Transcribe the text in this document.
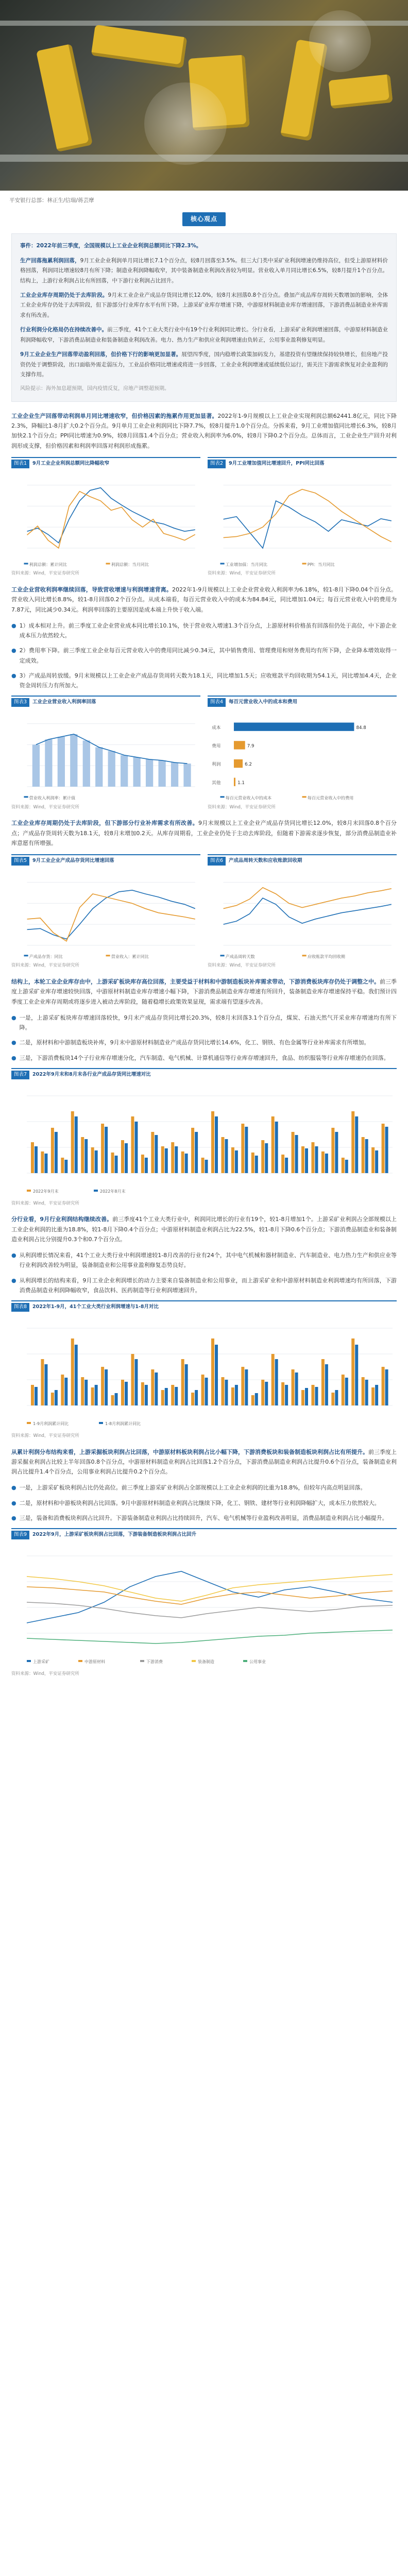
平安银行总部：林正生/信瑞/蒋芸摩
核心观点

事件：2022年前三季度，全国规模以上工业企业利润总额同比下降2.3%。

生产回落拖累利润回落，9月工业企业利润单月同比增长7.1个百分点，较8月回落至3.5%。但三大门类中采矿业利润增速仍维持高位，但受上游原材料价格回落，利润同比增速较8月有所下降；制造业利润降幅收窄，其中装备制造业利润改善较为明显。营业收入单月同比增长6.5%，较8月提升1个百分点。结构上，上游行业利润占比有所回落，中下游行业利润占比回升。

工业企业库存周期仍处于去库阶段。9月末工业企业产成品存货同比增长12.0%，较8月末回落0.8个百分点。叠加产成品库存周转天数增加的影响，全体工业企业库存仍处于去库阶段，但下游部分行业库存水平有所下降。上游采矿业库存增速下降，中游原材料制造业库存增速回落，下游消费品制造业补库需求有所改善。

行业利润分化格局仍在持续改善中。前三季度，41个工业大类行业中有19个行业利润同比增长。分行业看，上游采矿业利润增速回落，中游原材料制造业利润降幅收窄，下游消费品制造业和装备制造业利润改善。电力、热力生产和供应业利润增速由负转正，公用事业盈利修复明显。

9月工业企业生产回落带动盈利回落，但价格下行的影响更加显著。展望四季度，国内稳增长政策加码发力，基建投资有望继续保持较快增长，但房地产投资仍处于调整阶段，出口面临外需走弱压力，工业品价格同比增速或将进一步回落，工业企业利润增速或延续低位运行，需关注下游需求恢复对企业盈利的支撑作用。

风险提示：海外加息超预期，国内疫情反复，房地产调整超预期。

工业企业生产回落带动利润单月同比增速收窄，但价格因素的拖累作用更加显著。2022年1-9月规模以上工业企业实现利润总额62441.8亿元，同比下降2.3%，降幅比1-8月扩大0.2个百分点。9月单月工业企业利润同比下降7.7%，较8月提升1.0个百分点。分拆来看，9月工业增加值同比增长6.3%，较8月加快2.1个百分点；PPI同比增速为0.9%，较8月回落1.4个百分点；营业收入利润率为6.0%，较8月下降0.2个百分点。总体而言，工业企业生产回升对利润形成支撑，但价格因素和利润率回落对利润形成拖累。

图表1	9月工业企业利润总额同比降幅收窄
利润总额：累计同比	利润总额：当月同比
资料来源：Wind，平安证券研究所
图表2	9月工业增加值同比增速回升，PPI同比回落
工业增加值：当月同比	PPI：当月同比
资料来源：Wind，平安证券研究所

工业企业营收利润率继续回落，导致营收增速与利润增速背离。2022年1-9月规模以上工业企业营业收入利润率为6.18%，较1-8月下降0.04个百分点。营业收入同比增长8.8%，较1-8月回落0.2个百分点。从成本端看，每百元营业收入中的成本为84.84元，同比增加1.04元；每百元营业收入中的费用为7.87元，同比减少0.34元。利润率回落的主要原因是成本端上升快于收入端。

● 1）成本相对上升。前三季度工业企业营业成本同比增长10.1%，快于营业收入增速1.3个百分点，上游原材料价格虽有回落但仍处于高位，中下游企业成本压力依然较大。
● 2）费用率下降。前三季度工业企业每百元营业收入中的费用同比减少0.34元，其中销售费用、管理费用和财务费用均有所下降，企业降本增效取得一定成效。
● 3）产成品周转放缓。9月末规模以上工业企业产成品存货周转天数为18.1天，同比增加1.5天；应收账款平均回收期为54.1天，同比增加4.4天，企业资金周转压力有所加大。
图表3	工业企业营业收入利润率回落
营业收入利润率：累计值
资料来源：Wind，平安证券研究所
图表4	每百元营业收入中的成本和费用
成本
费用
利润
其他
84.8
7.9
6.2
1.1
每百元营业收入中的成本	每百元营业收入中的费用
资料来源：Wind，平安证券研究所

工业企业库存周期仍处于去库阶段，但下游部分行业补库需求有所改善。9月末规模以上工业企业产成品存货同比增长12.0%，较8月末回落0.8个百分点；产成品存货周转天数为18.1天，较8月末增加0.2天。从库存周期看，工业企业仍处于主动去库阶段，但随着下游需求逐步恢复，部分消费品制造业补库意愿有所增强。

图表5	9月工业企业产成品存货同比增速回落
产成品存货：同比	营业收入：累计同比
资料来源：Wind，平安证券研究所
图表6	产成品周转天数和应收账款回收期
产成品周转天数	应收账款平均回收期
资料来源：Wind，平安证券研究所

结构上，本轮工业企业库存由中，上游采矿板块库存高位回落，主要受益于材料和中游制造板块补库需求带动，下游消费板块库存仍处于调整之中。前三季度上游采矿业库存增速较快回落，中游原材料制造业库存增速小幅下降，下游消费品制造业库存增速有所回升，装备制造业库存增速保持平稳。我们预计四季度工业企业库存周期或将逐步进入被动去库阶段，随着稳增长政策效果显现，需求端有望逐步改善。

● 一是，上游采矿板块库存增速回落较快，9月末产成品存货同比增长20.3%，较8月末回落3.1个百分点，煤炭、石油天然气开采业库存增速均有所下降。
● 二是，原材料和中游制造板块补库，9月末中游原材料制造业产成品存货同比增长14.6%，化工、钢铁、有色金属等行业补库需求有所增加。
● 三是，下游消费板块14个子行业库存增速分化，汽车制造、电气机械、计算机通信等行业库存增速回升，食品、纺织服装等行业库存增速仍在回落。
图表7	2022年9月末和8月末各行业产成品存货同比增速对比
2022年9月末	2022年8月末
资料来源：Wind，平安证券研究所

分行业看，9月行业利润结构继续改善。前三季度41个工业大类行业中，利润同比增长的行业有19个，较1-8月增加1个。上游采矿业利润占全部规模以上工业企业利润的比重为18.8%，较1-8月下降0.4个百分点；中游原材料制造业利润占比为22.5%，较1-8月下降0.6个百分点；下游消费品制造业和装备制造业利润占比分别提升0.3个和0.7个百分点。

● 从利润增长情况来看，41个工业大类行业中利润增速较1-8月改善的行业有24个，其中电气机械和器材制造业、汽车制造业、电力热力生产和供应业等行业利润改善较为明显，装备制造业和公用事业盈利修复态势良好。
● 从利润增长的结构来看，9月工业企业利润增长的动力主要来自装备制造业和公用事业，而上游采矿业和中游原材料制造业利润增速均有所回落，下游消费品制造业利润降幅收窄，食品饮料、医药制造等行业利润增速回升。
图表8	2022年1-9月，41个工业大类行业利润增速与1-8月对比
1-9月利润累计同比	1-8月利润累计同比
资料来源：Wind，平安证券研究所

从累计利润分布结构来看，上游采掘板块利润占比回落，中游原材料板块利润占比小幅下降，下游消费板块和装备制造板块利润占比有所提升。前三季度上游采掘业利润占比较上半年回落0.8个百分点，中游原材料制造业利润占比回落1.2个百分点，下游消费品制造业利润占比提升0.6个百分点，装备制造业利润占比提升1.4个百分点，公用事业利润占比提升0.2个百分点。

● 一是，上游采矿板块利润占比仍处高位。前三季度上游采矿业利润占全部规模以上工业企业利润的比重为18.8%，但较年内高点明显回落。
● 二是，原材料和中游板块利润占比回落。9月中游原材料制造业利润占比继续下降，化工、钢铁、建材等行业利润降幅扩大，成本压力依然较大。
● 三是，装备和消费板块利润占比回升。下游装备制造业利润占比持续回升，汽车、电气机械等行业盈利改善明显，消费品制造业利润占比小幅提升。
图表9	2022年9月，上游采矿板块利润占比回落，下游装备制造板块利润占比回升
上游采矿	中游原材料	下游消费	装备制造	公用事业
资料来源：Wind，平安证券研究所
